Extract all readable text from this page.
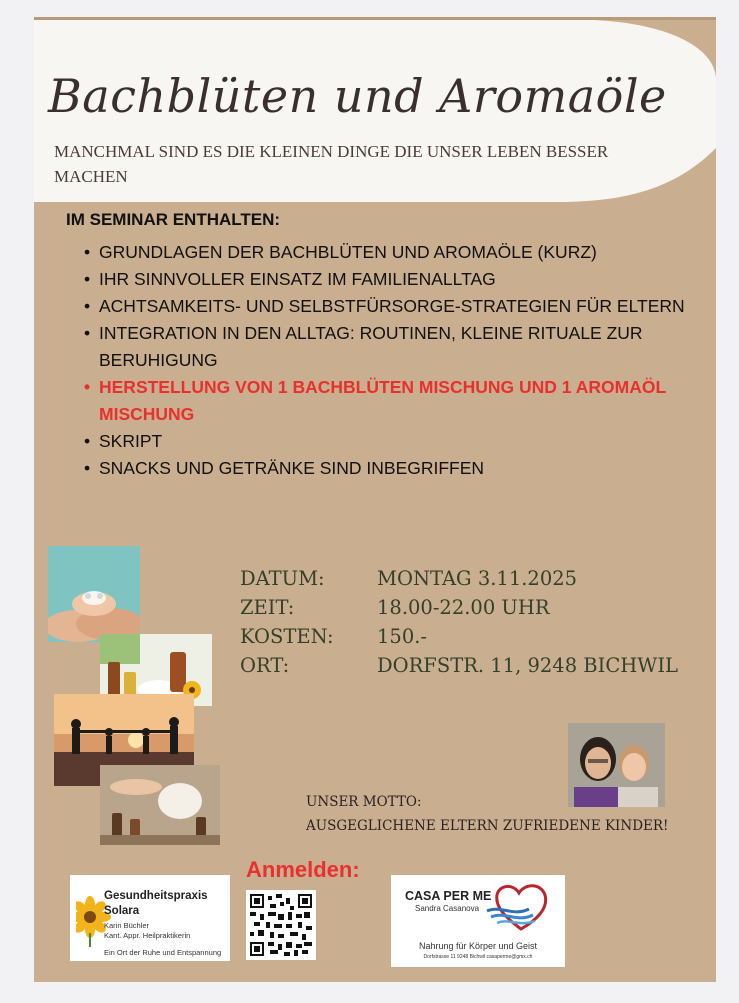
Bachblüten und Aromaöle
MANCHMAL SIND ES DIE KLEINEN DINGE DIE UNSER LEBEN BESSER MACHEN
IM SEMINAR ENTHALTEN:
• GRUNDLAGEN DER BACHBLÜTEN UND AROMAÖLE (KURZ)
• IHR SINNVOLLER EINSATZ IM FAMILIENALLTAG
• ACHTSAMKEITS- UND SELBSTFÜRSORGE-STRATEGIEN FÜR ELTERN
• INTEGRATION IN DEN ALLTAG: ROUTINEN, KLEINE RITUALE ZUR BERUHIGUNG
• HERSTELLUNG VON 1 BACHBLÜTEN MISCHUNG UND 1 AROMAÖL MISCHUNG
• SKRIPT
• SNACKS UND GETRÄNKE SIND INBEGRIFFEN
DATUM:	MONTAG 3.11.2025
ZEIT:	18.00-22.00 UHR
KOSTEN: 150.-
ORT:	DORFSTR. 11, 9248 BICHWIL
UNSER MOTTO:
AUSGEGLICHENE ELTERN ZUFRIEDENE KINDER!
Anmelden:
Gesundheitspraxis Solara
Karin Büchler
Kant. Appr. Heilpraktikerin
Ein Ort der Ruhe und Entspannung
CASA PER ME
Sandra Casanova
Nahrung für Körper und Geist
Dorfstrasse 11 9248 Bichwil casaperme@gmx.ch
